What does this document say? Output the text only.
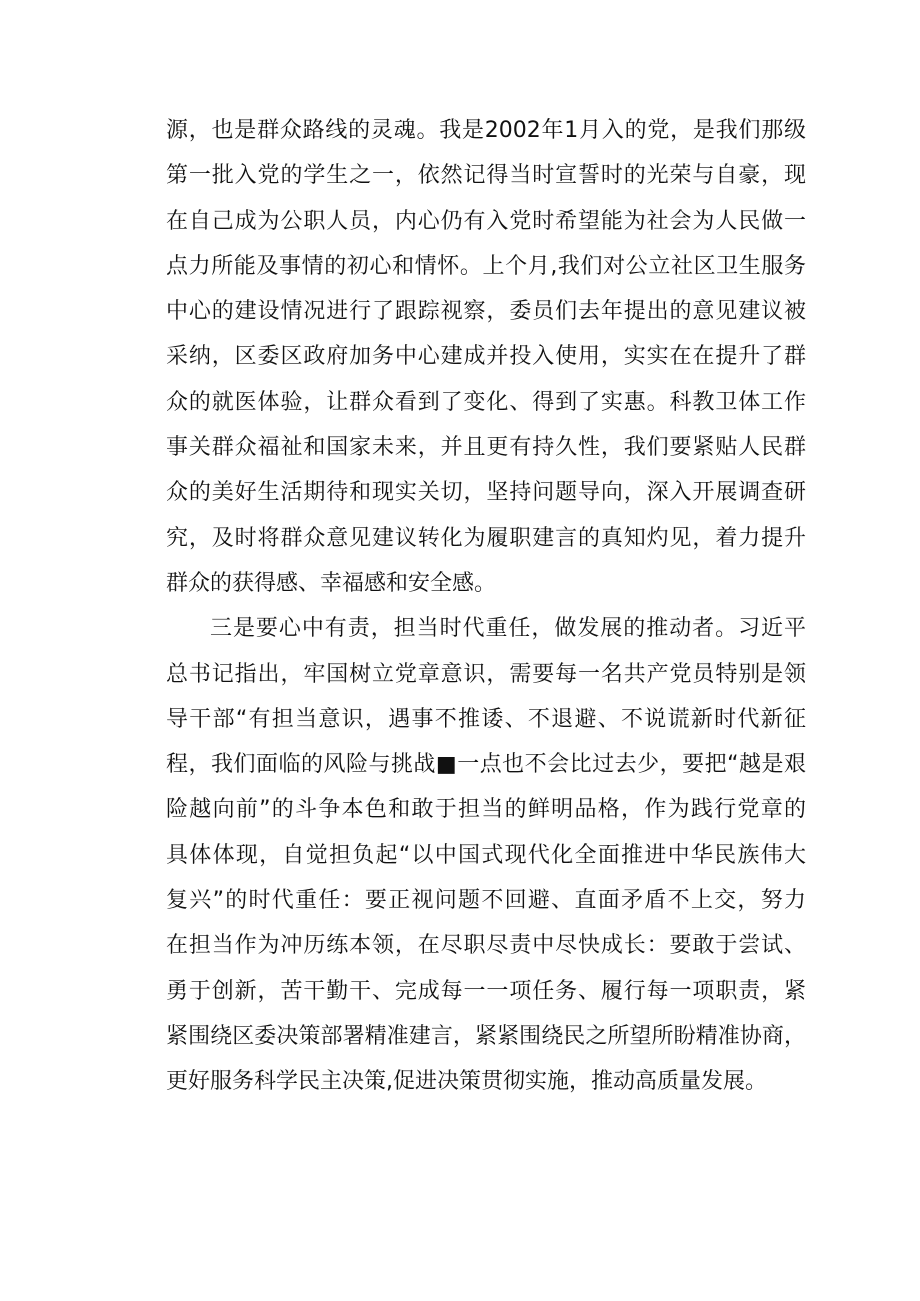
源，也是群众路线的灵魂。我是2002年1月入的党，是我们那级
第一批入党的学生之一，依然记得当时宣誓时的光荣与自豪，现
在自己成为公职人员，内心仍有入党时希望能为社会为人民做一
点力所能及事情的初心和情怀。上个月,我们对公立社区卫生服务
中心的建设情况进行了跟踪视察，委员们去年提出的意见建议被
采纳，区委区政府加务中心建成并投入使用，实实在在提升了群
众的就医体验，让群众看到了变化、得到了实惠。科教卫体工作
事关群众福祉和国家未来，并且更有持久性，我们要紧贴人民群
众的美好生活期待和现实关切，坚持问题导向，深入开展调查研
究，及时将群众意见建议转化为履职建言的真知灼见，着力提升
群众的获得感、幸福感和安全感。
三是要心中有责，担当时代重任，做发展的推动者。习近平
总书记指出，牢国树立党章意识，需要每一名共产党员特别是领
导干部“有担当意识，遇事不推诿、不退避、不说谎新时代新征
程，我们面临的风险与挑战■一点也不会比过去少，要把“越是艰
险越向前”的斗争本色和敢于担当的鲜明品格，作为践行党章的
具体体现，自觉担负起“以中国式现代化全面推进中华民族伟大
复兴”的时代重任：要正视问题不回避、直面矛盾不上交，努力
在担当作为冲历练本领，在尽职尽责中尽快成长：要敢于尝试、
勇于创新，苦干勤干、完成每一一项任务、履行每一项职责，紧
紧围绕区委决策部署精准建言，紧紧围绕民之所望所盼精准协商，
更好服务科学民主决策,促进决策贯彻实施，推动高质量发展。
